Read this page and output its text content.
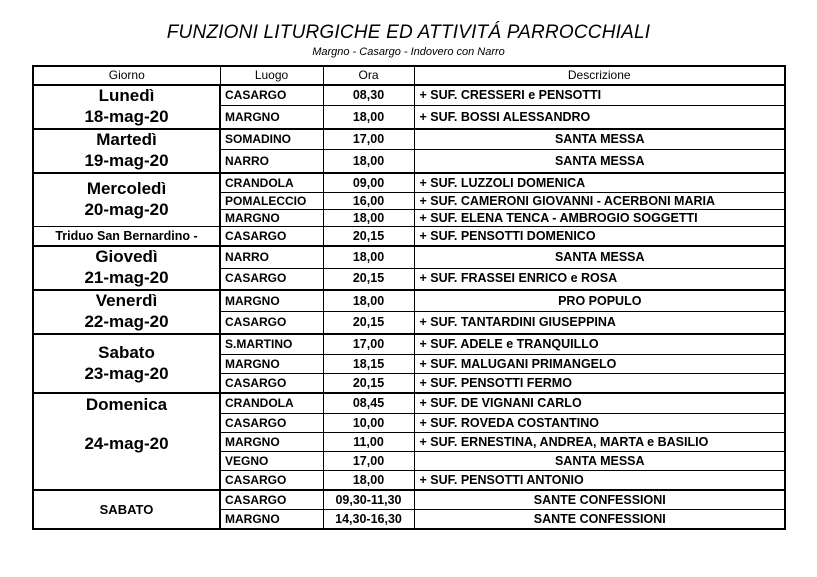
FUNZIONI LITURGICHE ED ATTIVITÁ PARROCCHIALI
Margno - Casargo - Indovero con Narro
Giorno	Luogo	Ora	Descrizione

Lunedì
18-mag-20	CASARGO	08,30	+ SUF. CRESSERI e PENSOTTI
	MARGNO	18,00	+ SUF. BOSSI ALESSANDRO

Martedì
19-mag-20	SOMADINO	17,00	SANTA MESSA
	NARRO	18,00	SANTA MESSA

Mercoledì
20-mag-20	CRANDOLA	09,00	+ SUF. LUZZOLI DOMENICA
	POMALECCIO	16,00	+ SUF. CAMERONI GIOVANNI - ACERBONI MARIA
	MARGNO	18,00	+ SUF. ELENA TENCA - AMBROGIO SOGGETTI
Triduo San Bernardino -	CASARGO	20,15	+ SUF. PENSOTTI DOMENICO

Giovedì
21-mag-20	NARRO	18,00	SANTA MESSA
	CASARGO	20,15	+ SUF. FRASSEI ENRICO e ROSA

Venerdì
22-mag-20	MARGNO	18,00	PRO POPULO
	CASARGO	20,15	+ SUF. TANTARDINI GIUSEPPINA

Sabato
23-mag-20	S.MARTINO	17,00	+ SUF. ADELE e TRANQUILLO
	MARGNO	18,15	+ SUF. MALUGANI PRIMANGELO
	CASARGO	20,15	+ SUF. PENSOTTI FERMO

Domenica
24-mag-20	CRANDOLA	08,45	+ SUF. DE VIGNANI CARLO
	CASARGO	10,00	+ SUF. ROVEDA COSTANTINO
	MARGNO	11,00	+ SUF. ERNESTINA, ANDREA, MARTA e BASILIO
	VEGNO	17,00	SANTA MESSA
	CASARGO	18,00	+ SUF. PENSOTTI ANTONIO
SABATO	CASARGO	09,30-11,30	SANTE CONFESSIONI
	MARGNO	14,30-16,30	SANTE CONFESSIONI
